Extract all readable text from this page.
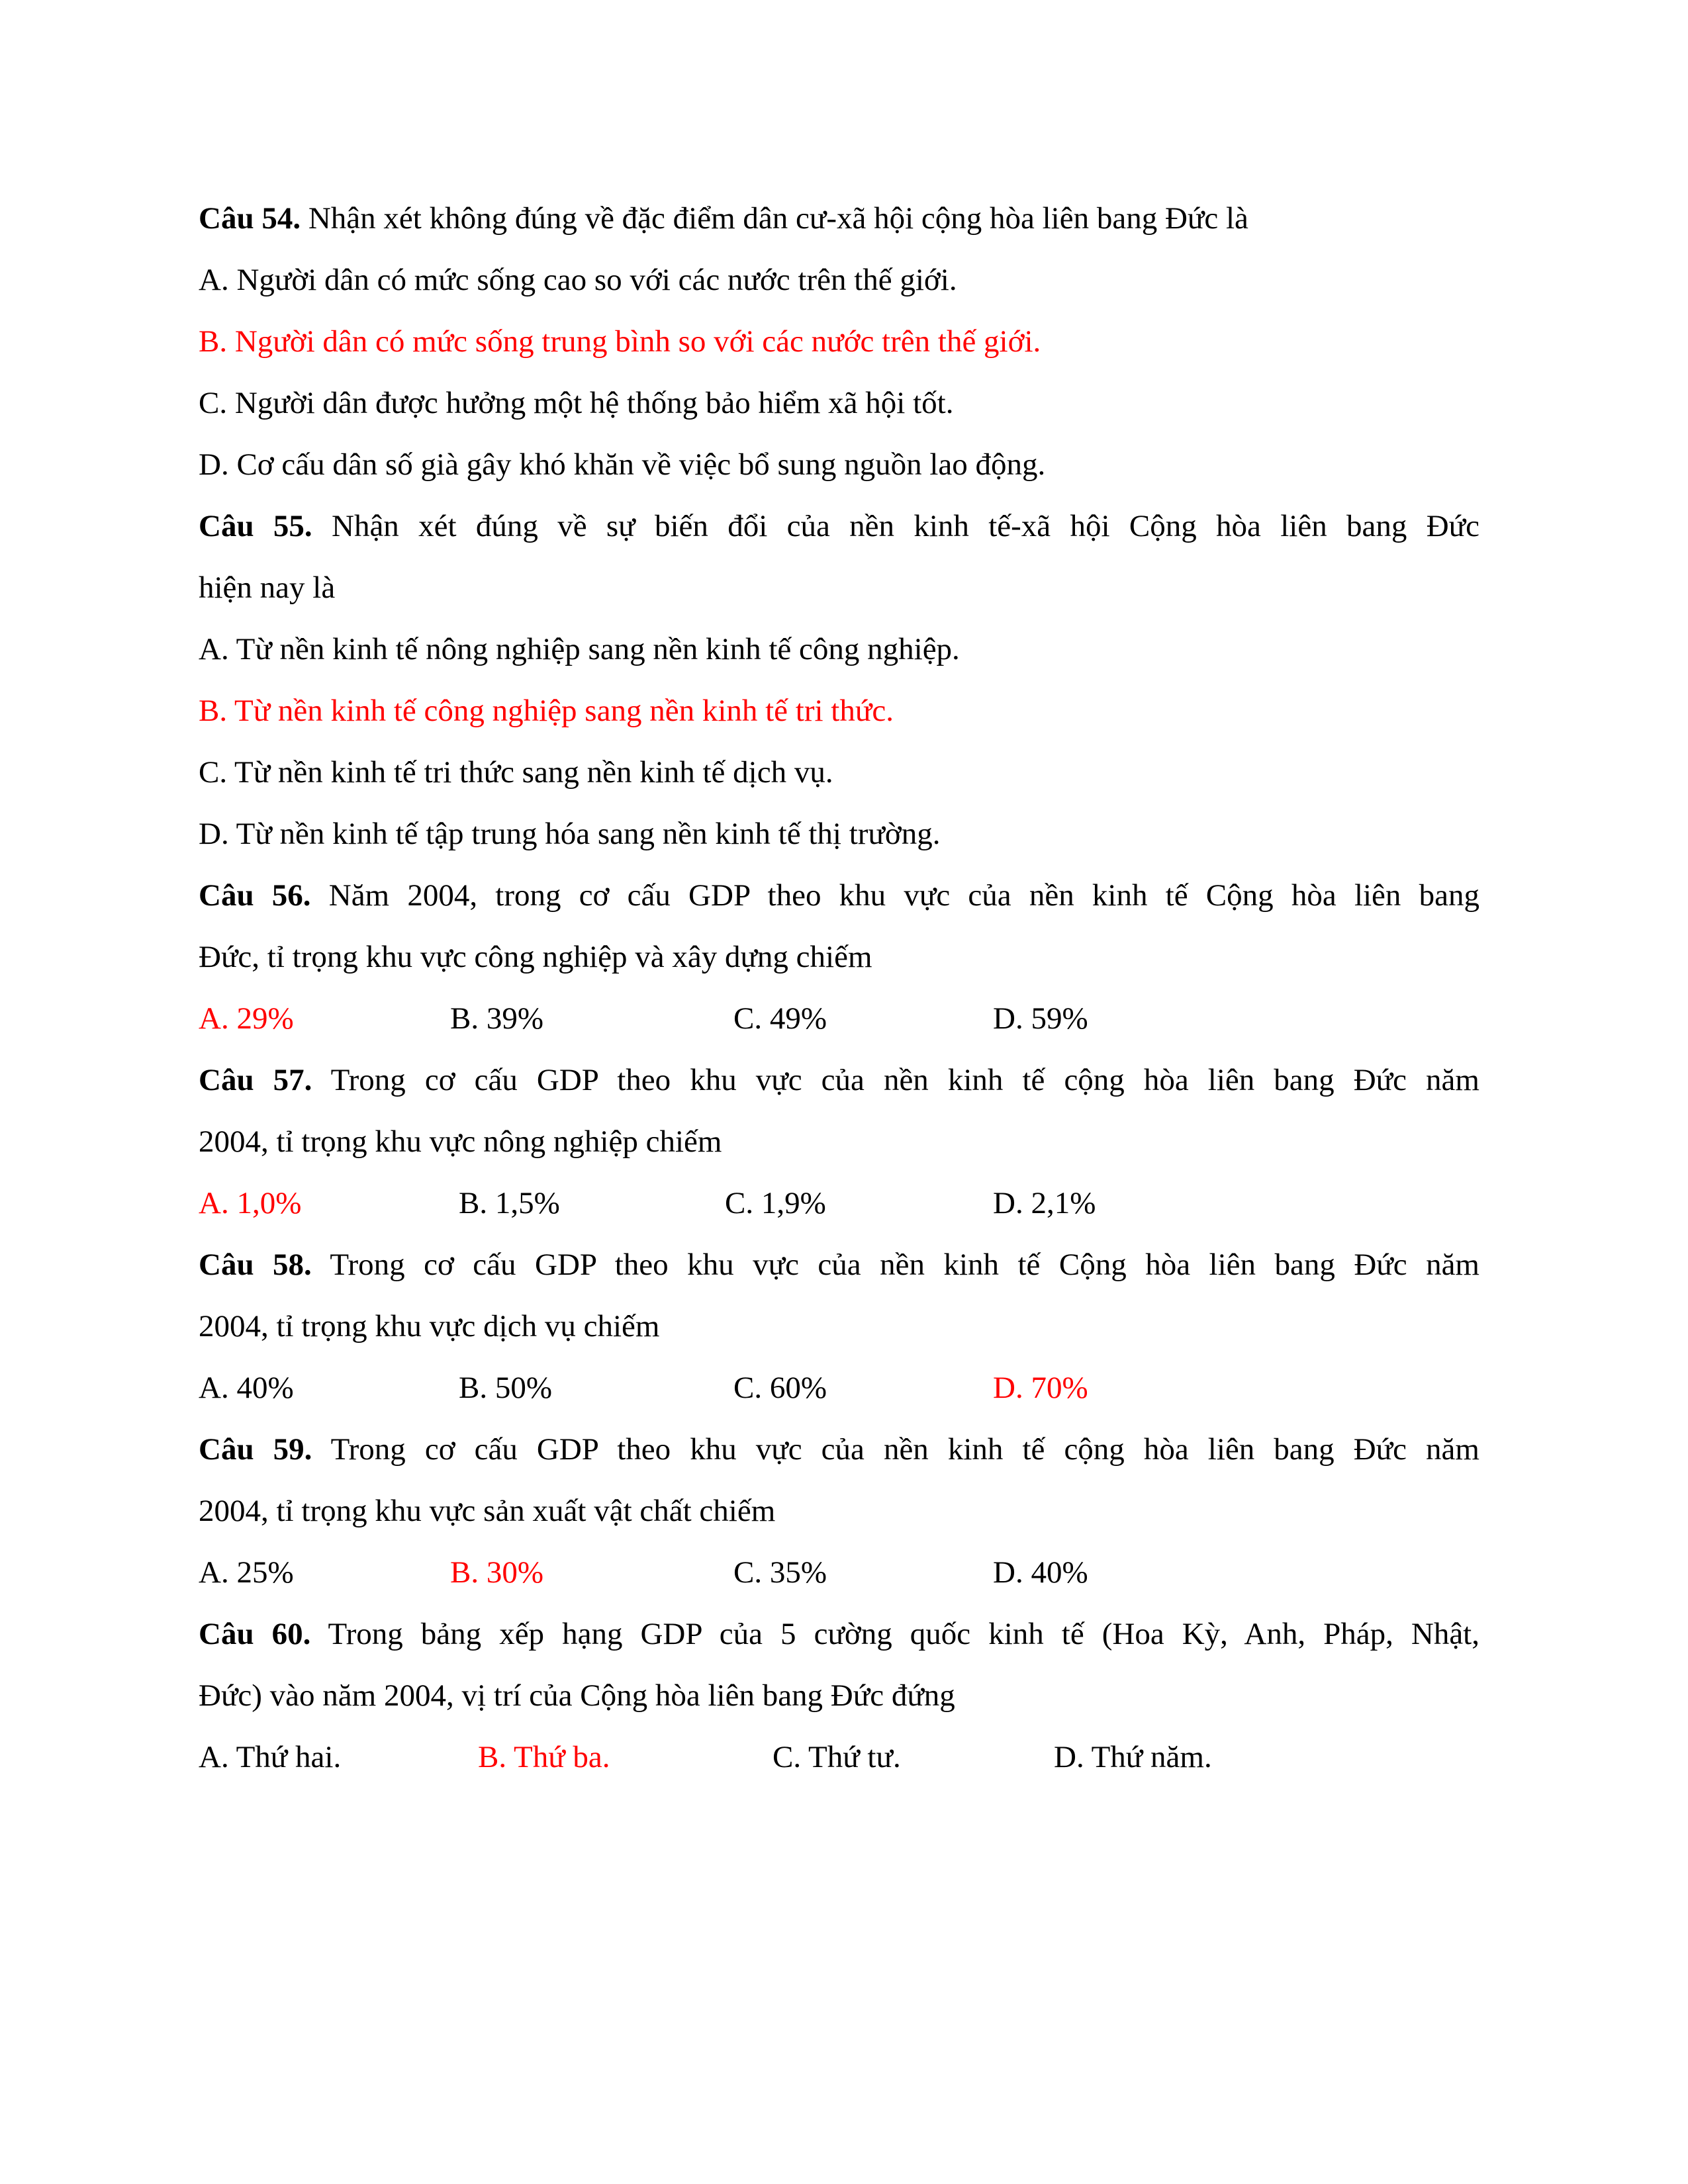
Câu 54. Nhận xét không đúng về đặc điểm dân cư-xã hội cộng hòa liên bang Đức là
A. Người dân có mức sống cao so với các nước trên thế giới.
B. Người dân có mức sống trung bình so với các nước trên thế giới.
C. Người dân được hưởng một hệ thống bảo hiểm xã hội tốt.
D. Cơ cấu dân số già gây khó khăn về việc bổ sung nguồn lao động.
Câu 55. Nhận xét đúng về sự biến đổi của nền kinh tế-xã hội Cộng hòa liên bang Đức
hiện nay là
A. Từ nền kinh tế nông nghiệp sang nền kinh tế công nghiệp.
B. Từ nền kinh tế công nghiệp sang nền kinh tế tri thức.
C. Từ nền kinh tế tri thức sang nền kinh tế dịch vụ.
D. Từ nền kinh tế tập trung hóa sang nền kinh tế thị trường.
Câu 56. Năm 2004, trong cơ cấu GDP theo khu vực của nền kinh tế Cộng hòa liên bang
Đức, tỉ trọng khu vực công nghiệp và xây dựng chiếm
A. 29%	B. 39%	C. 49%	D. 59%
Câu 57. Trong cơ cấu GDP theo khu vực của nền kinh tế cộng hòa liên bang Đức năm
2004, tỉ trọng khu vực nông nghiệp chiếm
A. 1,0%	B. 1,5%	C. 1,9%	D. 2,1%
Câu 58. Trong cơ cấu GDP theo khu vực của nền kinh tế Cộng hòa liên bang Đức năm
2004, tỉ trọng khu vực dịch vụ chiếm
A. 40%	B. 50%	C. 60%	D. 70%
Câu 59. Trong cơ cấu GDP theo khu vực của nền kinh tế cộng hòa liên bang Đức năm
2004, tỉ trọng khu vực sản xuất vật chất chiếm
A. 25%	B. 30%	C. 35%	D. 40%
Câu 60. Trong bảng xếp hạng GDP của 5 cường quốc kinh tế (Hoa Kỳ, Anh, Pháp, Nhật,
Đức) vào năm 2004, vị trí của Cộng hòa liên bang Đức đứng
A. Thứ hai.	B. Thứ ba.	C. Thứ tư.	D. Thứ năm.
